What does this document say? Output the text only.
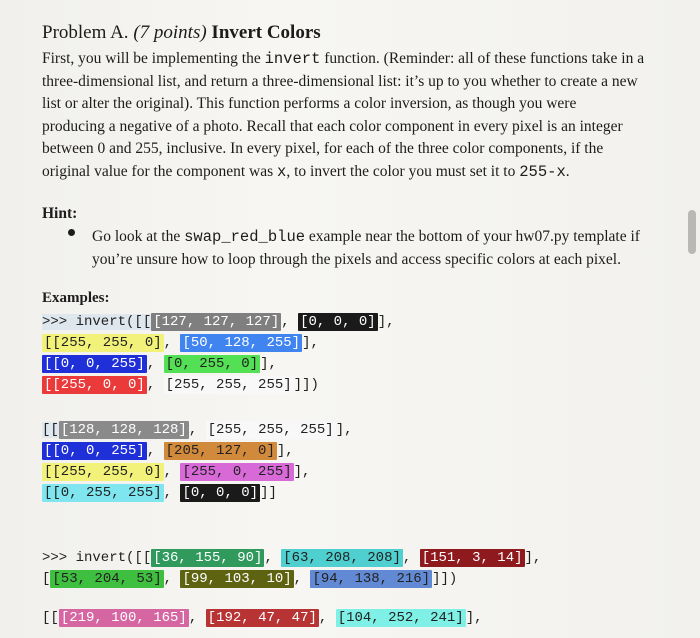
Problem A. (7 points) Invert Colors

First, you will be implementing the invert function. (Reminder: all of these functions take in a

three-dimensional list, and return a three-dimensional list: it’s up to you whether to create a new

list or alter the original). This function performs a color inversion, as though you were

producing a negative of a photo. Recall that each color component in every pixel is an integer

between 0 and 255, inclusive. In every pixel, for each of the three color components, if the

original value for the component was x, to invert the color you must set it to 255-x.

Hint:

Go look at the swap_red_blue example near the bottom of your hw07.py template if

you’re unsure how to loop through the pixels and access specific colors at each pixel.

Examples:
>>> invert([[ [127, 127, 127] , [0, 0, 0] ],
[[255, 255, 0] , [50, 128, 255] ],
[[0, 0, 255] , [0, 255, 0] ],
[[255, 0, 0] , [255, 255, 255] ]])
[[ [128, 128, 128] , [255, 255, 255] ],
[[0, 0, 255] , [205, 127, 0] ],
[[255, 255, 0] , [255, 0, 255] ],
[[0, 255, 255] , [0, 0, 0] ]]
>>> invert([[ [36, 155, 90] , [63, 208, 208] , [151, 3, 14] ],
[ [53, 204, 53] , [99, 103, 10] , [94, 138, 216] ]])
[[ [219, 100, 165] , [192, 47, 47] , [104, 252, 241] ],
